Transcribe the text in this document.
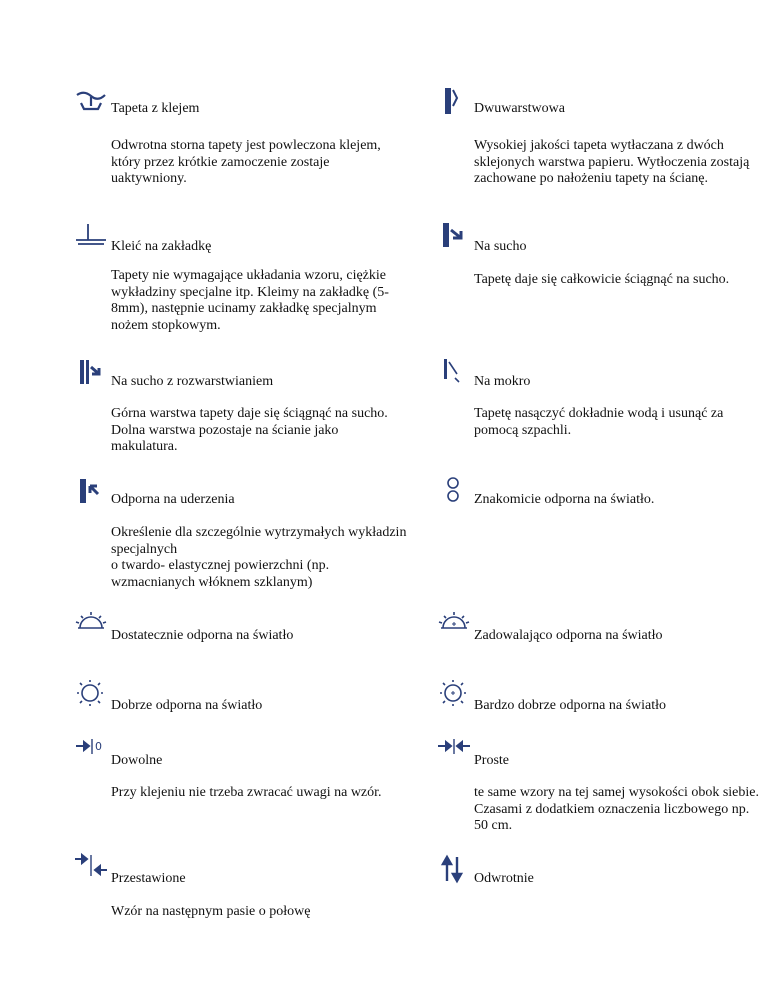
Tapeta z klejem
Odwrotna storna tapety jest powleczona klejem, który przez krótkie zamoczenie zostaje uaktywniony.
Dwuwarstwowa
Wysokiej jakości tapeta wytłaczana z dwóch sklejonych warstwa papieru. Wytłoczenia zostają zachowane po nałożeniu tapety na ścianę.
Kleić na zakładkę
Tapety nie wymagające układania wzoru, ciężkie wykładziny specjalne itp. Kleimy na zakładkę (5-8mm), następnie ucinamy zakładkę specjalnym nożem stopkowym.
Na sucho
Tapetę daje się całkowicie ściągnąć na sucho.
Na sucho z rozwarstwianiem
Górna warstwa tapety daje się ściągnąć na sucho. Dolna warstwa pozostaje na ścianie jako makulatura.
Na mokro
Tapetę nasączyć dokładnie wodą i usunąć za pomocą szpachli.
Odporna na uderzenia
Określenie dla szczególnie wytrzymałych wykładzin specjalnych
o twardo- elastycznej powierzchni (np. wzmacnianych włóknem szklanym)
Znakomicie odporna na światło.
Dostatecznie odporna na światło	Zadowalająco odporna na światło
Dobrze odporna na światło	Bardzo dobrze odporna na światło
0
Dowolne
Przy klejeniu nie trzeba zwracać uwagi na wzór.
Proste
te same wzory na tej samej wysokości obok siebie. Czasami z dodatkiem oznaczenia liczbowego np. 50 cm.
Przestawione
Wzór na następnym pasie o połowę
Odwrotnie
